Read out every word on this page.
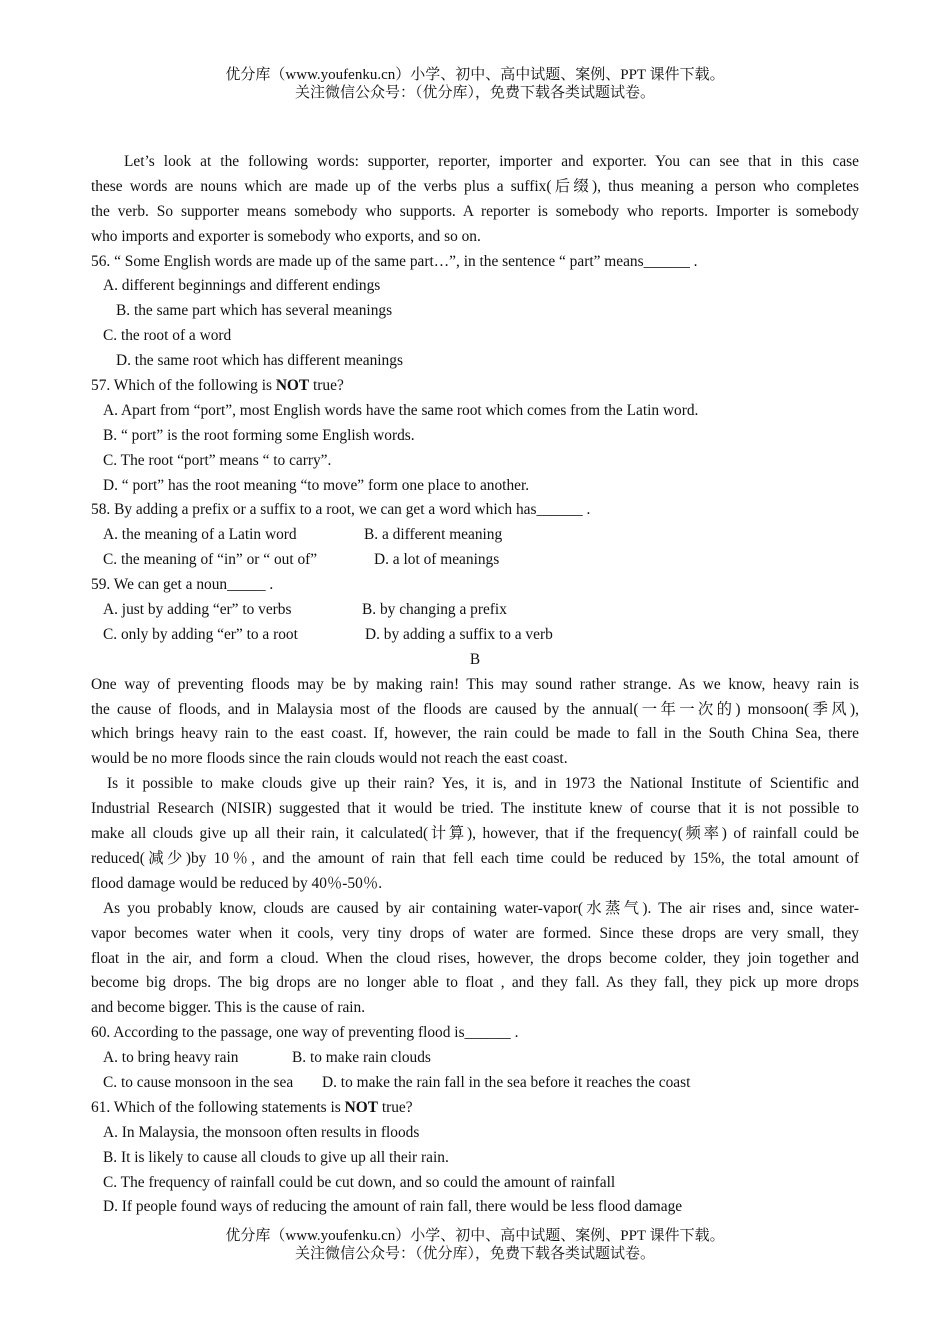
优分库（www.youfenku.cn）小学、初中、高中试题、案例、PPT 课件下载。
关注微信公众号：（优分库），免费下载各类试题试卷。
Let’s look at the following words: supporter, reporter, importer and exporter. You can see that in this case
these words are nouns which are made up of the verbs plus a suffix(后缀), thus meaning a person who completes
the verb. So supporter means somebody who supports. A reporter is somebody who reports. Importer is somebody
who imports and exporter is somebody who exports, and so on.
56. “ Some English words are made up of the same part…”, in the sentence “ part” means______ .
A. different beginnings and different endings
B. the same part which has several meanings
C. the root of a word
D. the same root which has different meanings
57. Which of the following is NOT true?
A. Apart from “port”, most English words have the same root which comes from the Latin word.
B. “ port” is the root forming some English words.
C. The root “port” means “ to carry”.
D. “ port” has the root meaning “to move” form one place to another.
58. By adding a prefix or a suffix to a root, we can get a word which has______ .
A. the meaning of a Latin word	B. a different meaning
C. the meaning of “in” or “ out of”	D. a lot of meanings
59. We can get a noun_____ .
A. just by adding “er” to verbs	B. by changing a prefix
C. only by adding “er” to a root	D. by adding a suffix to a verb
B
One way of preventing floods may be by making rain! This may sound rather strange. As we know, heavy rain is
the cause of floods, and in Malaysia most of the floods are caused by the annual(一年一次的) monsoon(季风),
which brings heavy rain to the east coast. If, however, the rain could be made to fall in the South China Sea, there
would be no more floods since the rain clouds would not reach the east coast.
Is it possible to make clouds give up their rain? Yes, it is, and in 1973 the National Institute of Scientific and
Industrial Research (NISIR) suggested that it would be tried. The institute knew of course that it is not possible to
make all clouds give up all their rain, it calculated(计算), however, that if the frequency(频率) of rainfall could be
reduced(减少)by 10％, and the amount of rain that fell each time could be reduced by 15%, the total amount of
flood damage would be reduced by 40％-50％.
As you probably know, clouds are caused by air containing water-vapor(水蒸气). The air rises and, since water-
vapor becomes water when it cools, very tiny drops of water are formed. Since these drops are very small, they
float in the air, and form a cloud. When the cloud rises, however, the drops become colder, they join together and
become big drops. The big drops are no longer able to float , and they fall. As they fall, they pick up more drops
and become bigger. This is the cause of rain.
60. According to the passage, one way of preventing flood is______ .
A. to bring heavy rain	B. to make rain clouds
C. to cause monsoon in the sea D. to make the rain fall in the sea before it reaches the coast
61. Which of the following statements is NOT true?
A. In Malaysia, the monsoon often results in floods
B. It is likely to cause all clouds to give up all their rain.
C. The frequency of rainfall could be cut down, and so could the amount of rainfall
D. If people found ways of reducing the amount of rain fall, there would be less flood damage
优分库（www.youfenku.cn）小学、初中、高中试题、案例、PPT 课件下载。
关注微信公众号：（优分库），免费下载各类试题试卷。
